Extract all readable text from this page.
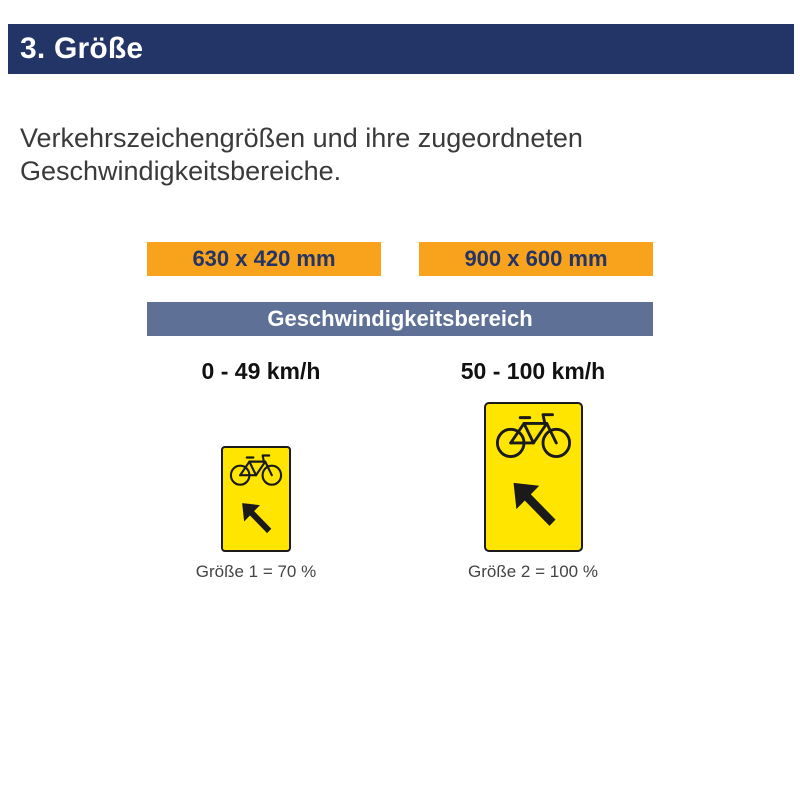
3. Größe
Verkehrszeichengrößen und ihre zugeordneten
Geschwindigkeitsbereiche.
630 x 420 mm	900 x 600 mm
Geschwindigkeitsbereich
0 - 49 km/h	50 - 100 km/h
Größe 1 = 70 %	Größe 2 = 100 %
